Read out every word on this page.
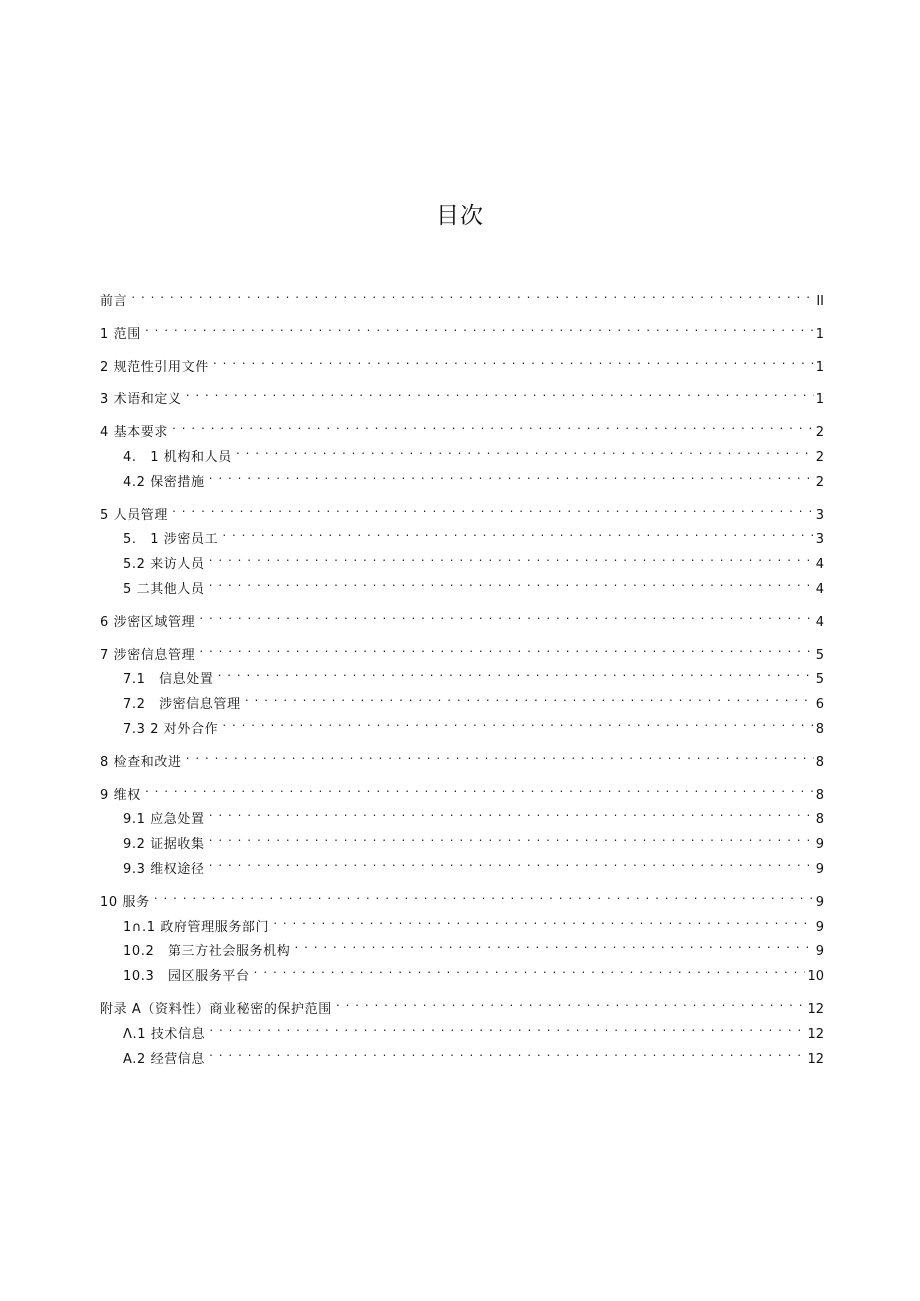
目次
前言 . . .	II
1 范围 . . .	1
2 规范性引用文件 . . .	1
3 术语和定义 . . .	1
4 基本要求 . . .	2
4.　1 机构和人员 . . .	2
4.2 保密措施 . . .	2
5 人员管理 . . .	3
5.　1 涉密员工 . . .	3
5.2 来访人员 . . .	4
5 二其他人员 . . .	4
6 涉密区域管理 . . .	4
7 涉密信息管理 . . .	5
7.1　信息处置 . . .	5
7.2　涉密信息管理 . . .	6
7.3 2 对外合作 . . .	8
8 检查和改进 . . .	8
9 维权 . . .	8
9.1 应急处置 . . .	8
9.2 证据收集 . . .	9
9.3 维权途径 . . .	9
10 服务 . . .	9
1∩.1 政府管理服务部门 . . .	9
10.2　第三方社会服务机构 . . .	9
10.3　园区服务平台 . . .	10
附录 A（资料性）商业秘密的保护范围 . . .	12
Λ.1 技术信息 . . .	12
A.2 经营信息 . . .	12
